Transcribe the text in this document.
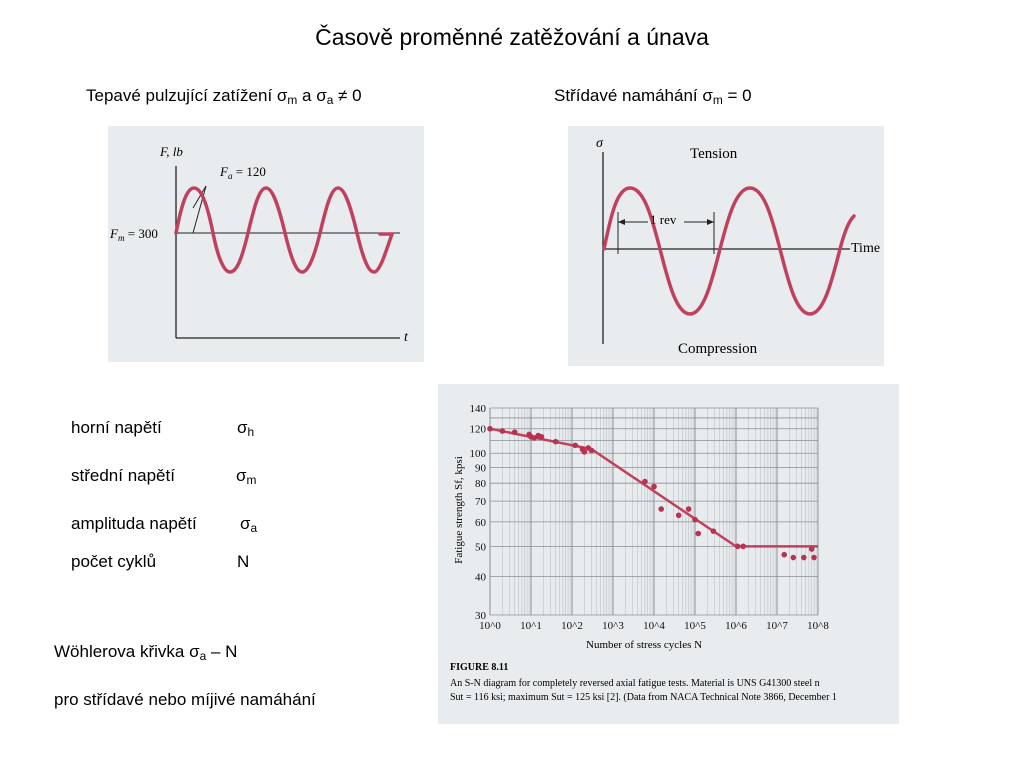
Časově proměnné zatěžování a únava
Tepavé pulzující zatížení $\sigma_m$ a $\sigma_a \ne 0$	Střídavé namáhání $\sigma_m = 0$
F, lb
$F_a = 120$
$F_m = 300$
t
σ
Tension
1 rev
Time
Compression
horní napětí	$\sigma_h$
střední napětí	$\sigma_m$
amplituda napětí	$\sigma_a$
počet cyklů	N
Wöhlerova křivka $\sigma_a$ – N
pro střídavé nebo míjivé namáhání
30
40
50
60
70
80
90
100
120
140
10^0 10^1 10^2 10^3 10^4 10^5 10^6 10^7 10^8
Fatigue strength Sf, kpsi
Number of stress cycles N
FIGURE 8.11
An S-N diagram for completely reversed axial fatigue tests. Material is UNS G41300 steel n
Sut = 116 ksi; maximum Sut = 125 ksi [2]. (Data from NACA Technical Note 3866, December 1
